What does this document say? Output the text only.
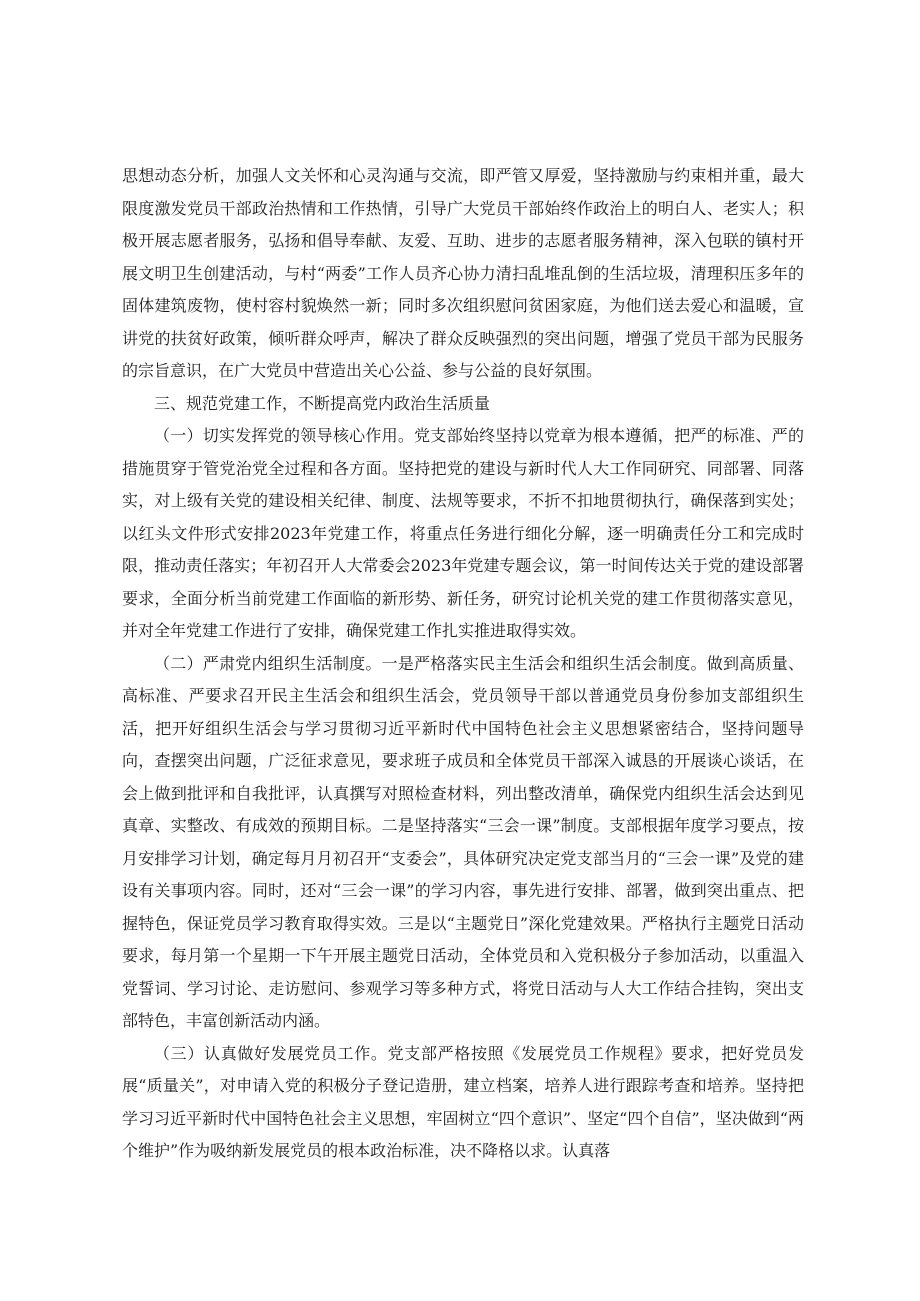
思想动态分析，加强人文关怀和心灵沟通与交流，即严管又厚爱，坚持激励与约束相并重，最大限度激发党员干部政治热情和工作热情，引导广大党员干部始终作政治上的明白人、老实人；积极开展志愿者服务，弘扬和倡导奉献、友爱、互助、进步的志愿者服务精神，深入包联的镇村开展文明卫生创建活动，与村“两委”工作人员齐心协力清扫乱堆乱倒的生活垃圾，清理积压多年的固体建筑废物，使村容村貌焕然一新；同时多次组织慰问贫困家庭，为他们送去爱心和温暖，宣讲党的扶贫好政策，倾听群众呼声，解决了群众反映强烈的突出问题，增强了党员干部为民服务的宗旨意识，在广大党员中营造出关心公益、参与公益的良好氛围。

三、规范党建工作，不断提高党内政治生活质量

（一）切实发挥党的领导核心作用。党支部始终坚持以党章为根本遵循，把严的标准、严的措施贯穿于管党治党全过程和各方面。坚持把党的建设与新时代人大工作同研究、同部署、同落实，对上级有关党的建设相关纪律、制度、法规等要求，不折不扣地贯彻执行，确保落到实处；以红头文件形式安排2023年党建工作，将重点任务进行细化分解，逐一明确责任分工和完成时限，推动责任落实；年初召开人大常委会2023年党建专题会议，第一时间传达关于党的建设部署要求，全面分析当前党建工作面临的新形势、新任务，研究讨论机关党的建工作贯彻落实意见，并对全年党建工作进行了安排，确保党建工作扎实推进取得实效。

（二）严肃党内组织生活制度。一是严格落实民主生活会和组织生活会制度。做到高质量、高标准、严要求召开民主生活会和组织生活会，党员领导干部以普通党员身份参加支部组织生活，把开好组织生活会与学习贯彻习近平新时代中国特色社会主义思想紧密结合，坚持问题导向，查摆突出问题，广泛征求意见，要求班子成员和全体党员干部深入诚恳的开展谈心谈话，在会上做到批评和自我批评，认真撰写对照检查材料，列出整改清单，确保党内组织生活会达到见真章、实整改、有成效的预期目标。二是坚持落实“三会一课”制度。支部根据年度学习要点，按月安排学习计划，确定每月月初召开“支委会”，具体研究决定党支部当月的“三会一课”及党的建设有关事项内容。同时，还对“三会一课”的学习内容，事先进行安排、部署，做到突出重点、把握特色，保证党员学习教育取得实效。三是以“主题党日”深化党建效果。严格执行主题党日活动要求，每月第一个星期一下午开展主题党日活动，全体党员和入党积极分子参加活动，以重温入党誓词、学习讨论、走访慰问、参观学习等多种方式，将党日活动与人大工作结合挂钩，突出支部特色，丰富创新活动内涵。

（三）认真做好发展党员工作。党支部严格按照《发展党员工作规程》要求，把好党员发展“质量关”，对申请入党的积极分子登记造册，建立档案，培养人进行跟踪考查和培养。坚持把学习习近平新时代中国特色社会主义思想，牢固树立“四个意识”、坚定“四个自信”，坚决做到“两个维护”作为吸纳新发展党员的根本政治标准，决不降格以求。认真落
